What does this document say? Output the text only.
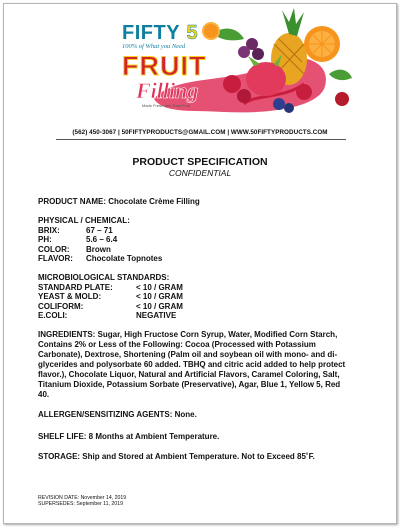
FIFTY 5
100% of What you Need
FRUIT
Filling
Made Fresh with Real Fruit
(562) 450-3067 | 50FIFTYPRODUCTS@GMAIL.COM | WWW.50FIFTYPRODUCTS.COM
PRODUCT SPECIFICATION
CONFIDENTIAL
PRODUCT NAME: Chocolate Crème Filling
PHYSICAL / CHEMICAL:
BRIX:	67 – 71
PH:	5.6 – 6.4
COLOR: Brown
FLAVOR: Chocolate Topnotes
MICROBIOLOGICAL STANDARDS:
STANDARD PLATE:	< 10 / GRAM
YEAST & MOLD:	< 10 / GRAM
COLIFORM:	< 10 / GRAM
E.COLI:	NEGATIVE
INGREDIENTS: Sugar, High Fructose Corn Syrup, Water, Modified Corn Starch,
Contains 2% or Less of the Following: Cocoa (Processed with Potassium
Carbonate), Dextrose, Shortening (Palm oil and soybean oil with mono- and di-
glycerides and polysorbate 60 added. TBHQ and citric acid added to help protect
flavor.), Chocolate Liquor, Natural and Artificial Flavors, Caramel Coloring, Salt,
Titanium Dioxide, Potassium Sorbate (Preservative), Agar, Blue 1, Yellow 5, Red
40.
ALLERGEN/SENSITIZING AGENTS: None.
SHELF LIFE: 8 Months at Ambient Temperature.
STORAGE: Ship and Stored at Ambient Temperature. Not to Exceed 85˚F.
REVISION DATE: November 14, 2019
SUPERSEDES: September 11, 2019
